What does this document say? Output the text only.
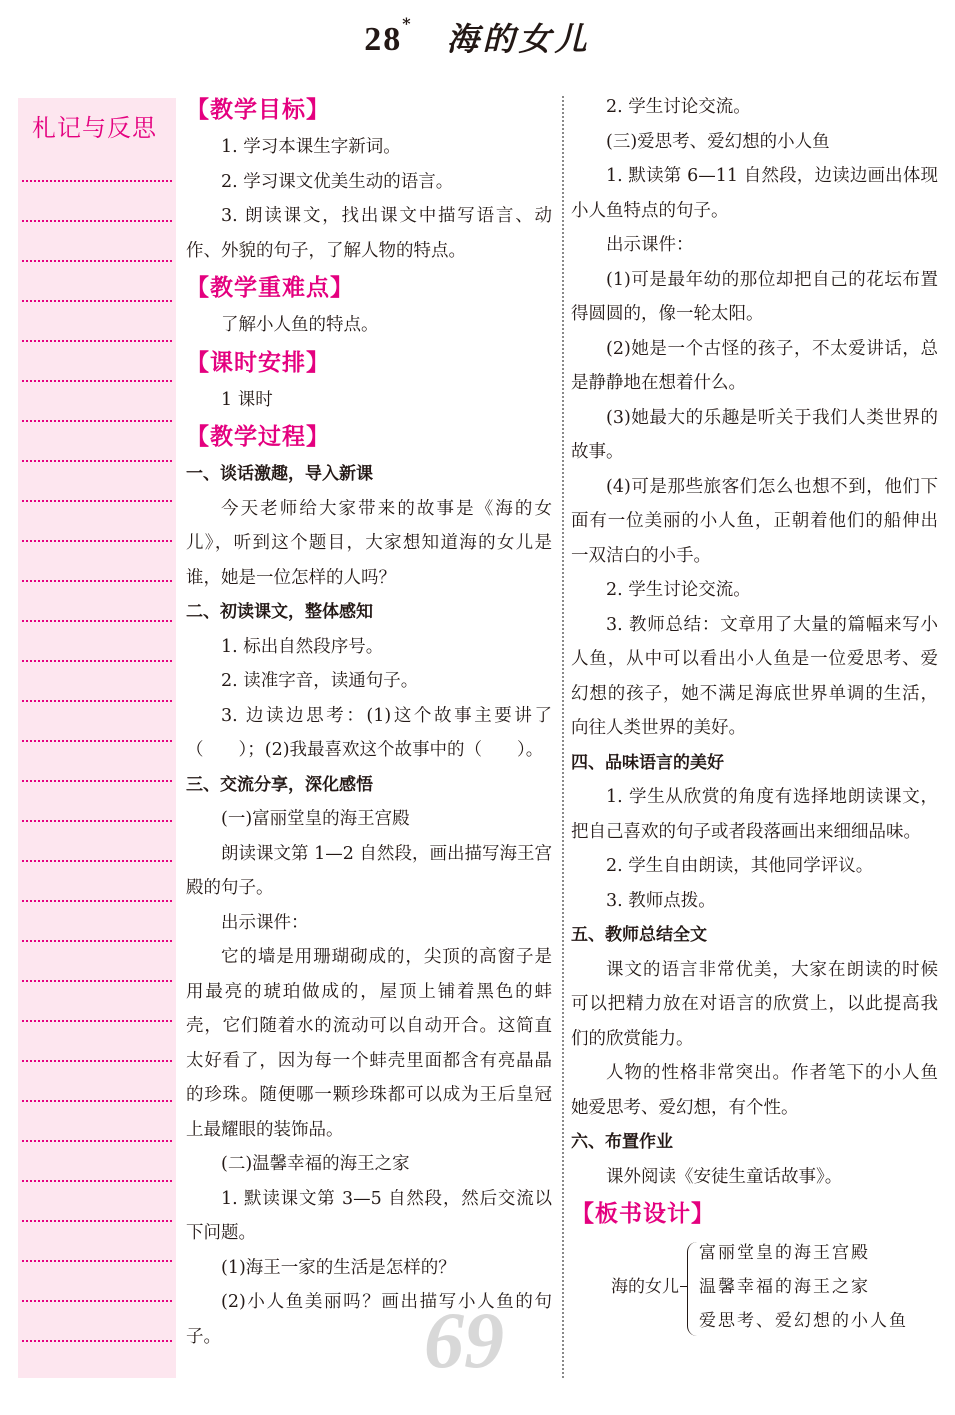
28* 海的女儿
札记与反思
【教学目标】

1. 学习本课生字新词。

2. 学习课文优美生动的语言。

3. 朗读课文，找出课文中描写语言、动作、外貌的句子，了解人物的特点。

【教学重难点】

了解小人鱼的特点。

【课时安排】

1 课时

【教学过程】

一、谈话激趣，导入新课

今天老师给大家带来的故事是《海的女儿》，听到这个题目，大家想知道海的女儿是谁，她是一位怎样的人吗？

二、初读课文，整体感知

1. 标出自然段序号。

2. 读准字音，读通句子。

3. 边读边思考：(1)这个故事主要讲了（　　）；(2)我最喜欢这个故事中的（　　）。

三、交流分享，深化感悟

(一)富丽堂皇的海王宫殿

朗读课文第 1—2 自然段，画出描写海王宫殿的句子。

出示课件：

它的墙是用珊瑚砌成的，尖顶的高窗子是用最亮的琥珀做成的，屋顶上铺着黑色的蚌壳，它们随着水的流动可以自动开合。这简直太好看了，因为每一个蚌壳里面都含有亮晶晶的珍珠。随便哪一颗珍珠都可以成为王后皇冠上最耀眼的装饰品。

(二)温馨幸福的海王之家

1. 默读课文第 3—5 自然段，然后交流以下问题。

(1)海王一家的生活是怎样的？

(2)小人鱼美丽吗？画出描写小人鱼的句子。

2. 学生讨论交流。

(三)爱思考、爱幻想的小人鱼

1. 默读第 6—11 自然段，边读边画出体现小人鱼特点的句子。

出示课件：

(1)可是最年幼的那位却把自己的花坛布置得圆圆的，像一轮太阳。

(2)她是一个古怪的孩子，不太爱讲话，总是静静地在想着什么。

(3)她最大的乐趣是听关于我们人类世界的故事。

(4)可是那些旅客们怎么也想不到，他们下面有一位美丽的小人鱼，正朝着他们的船伸出一双洁白的小手。

2. 学生讨论交流。

3. 教师总结：文章用了大量的篇幅来写小人鱼，从中可以看出小人鱼是一位爱思考、爱幻想的孩子，她不满足海底世界单调的生活，向往人类世界的美好。

四、品味语言的美好

1. 学生从欣赏的角度有选择地朗读课文，把自己喜欢的句子或者段落画出来细细品味。

2. 学生自由朗读，其他同学评议。

3. 教师点拨。

五、教师总结全文

课文的语言非常优美，大家在朗读的时候可以把精力放在对语言的欣赏上，以此提高我们的欣赏能力。

人物的性格非常突出。作者笔下的小人鱼她爱思考、爱幻想，有个性。

六、布置作业

课外阅读《安徒生童话故事》。

【板书设计】
海的女儿
富丽堂皇的海王宫殿
温馨幸福的海王之家
爱思考、爱幻想的小人鱼
69
